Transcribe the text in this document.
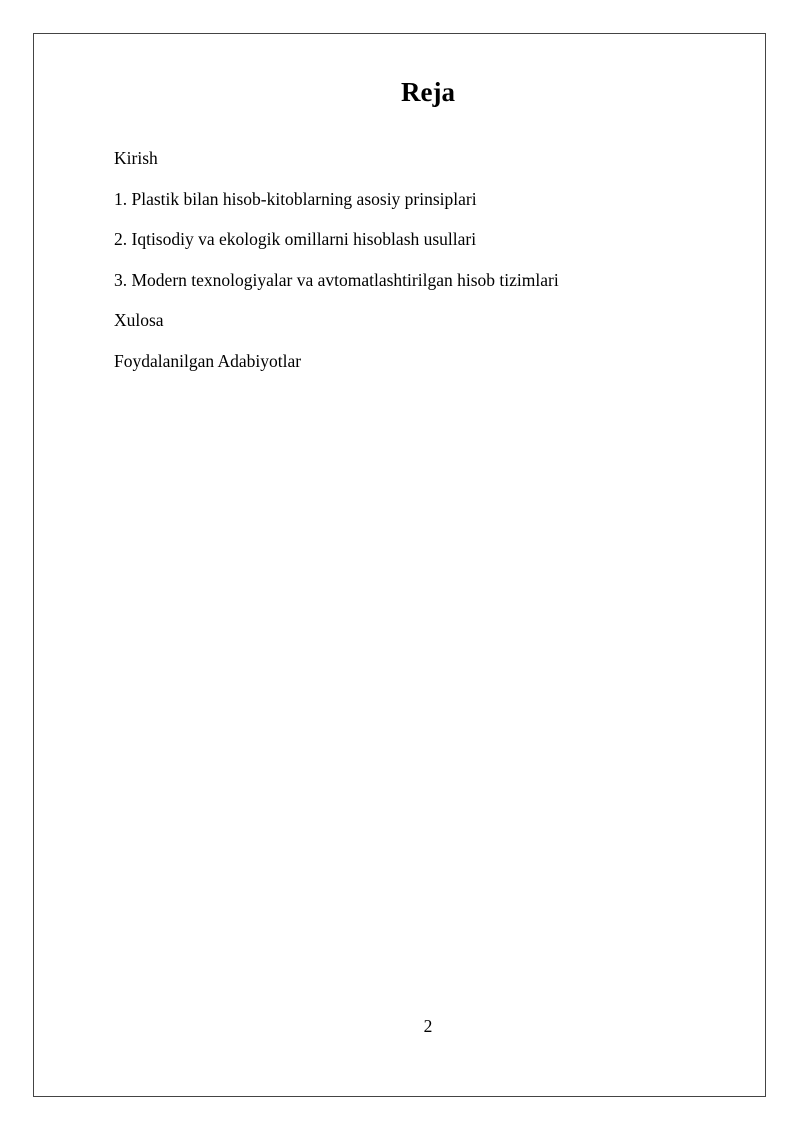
Reja
Kirish
1. Plastik bilan hisob-kitoblarning asosiy prinsiplari
2. Iqtisodiy va ekologik omillarni hisoblash usullari
3. Modern texnologiyalar va avtomatlashtirilgan hisob tizimlari
Xulosa
Foydalanilgan Adabiyotlar
2
